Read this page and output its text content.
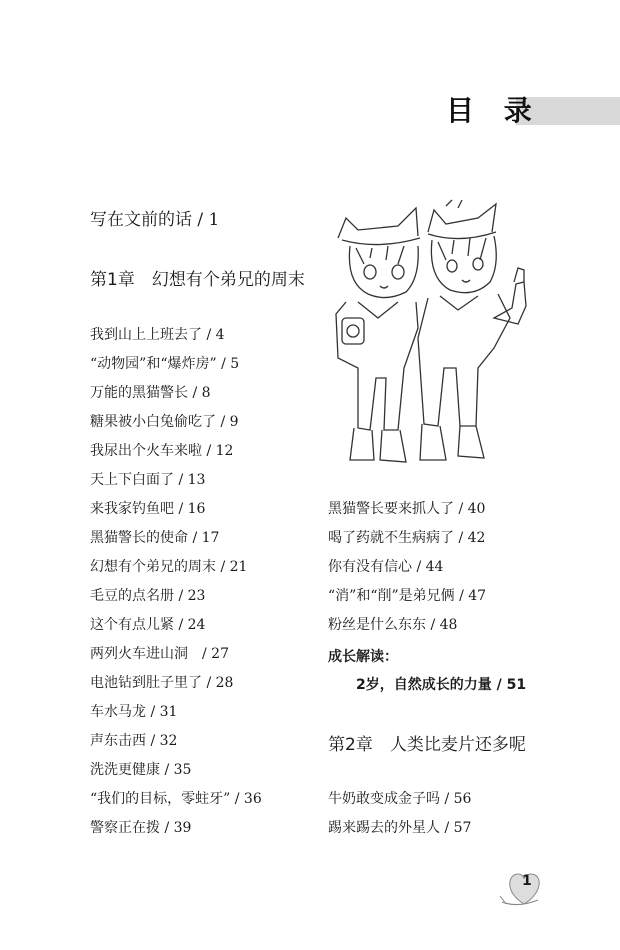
目 录
写在文前的话 / 1
第1章　幻想有个弟兄的周末
我到山上上班去了 / 4
“动物园”和“爆炸房” / 5
万能的黑猫警长 / 8
糖果被小白兔偷吃了 / 9
我尿出个火车来啦 / 12
天上下白面了 / 13
来我家钓鱼吧 / 16
黑猫警长的使命 / 17
幻想有个弟兄的周末 / 21
毛豆的点名册 / 23
这个有点儿紧 / 24
两列火车进山洞　/ 27
电池钻到肚子里了 / 28
车水马龙 / 31
声东击西 / 32
洗洗更健康 / 35
“我们的目标，零蛀牙” / 36
警察正在拨 / 39
黑猫警长要来抓人了 / 40
喝了药就不生病病了 / 42
你有没有信心 / 44
“消”和“削”是弟兄俩 / 47
粉丝是什么东东 / 48
成长解读：
2岁，自然成长的力量 / 51
第2章　人类比麦片还多呢
牛奶敢变成金子吗 / 56
踢来踢去的外星人 / 57
1
